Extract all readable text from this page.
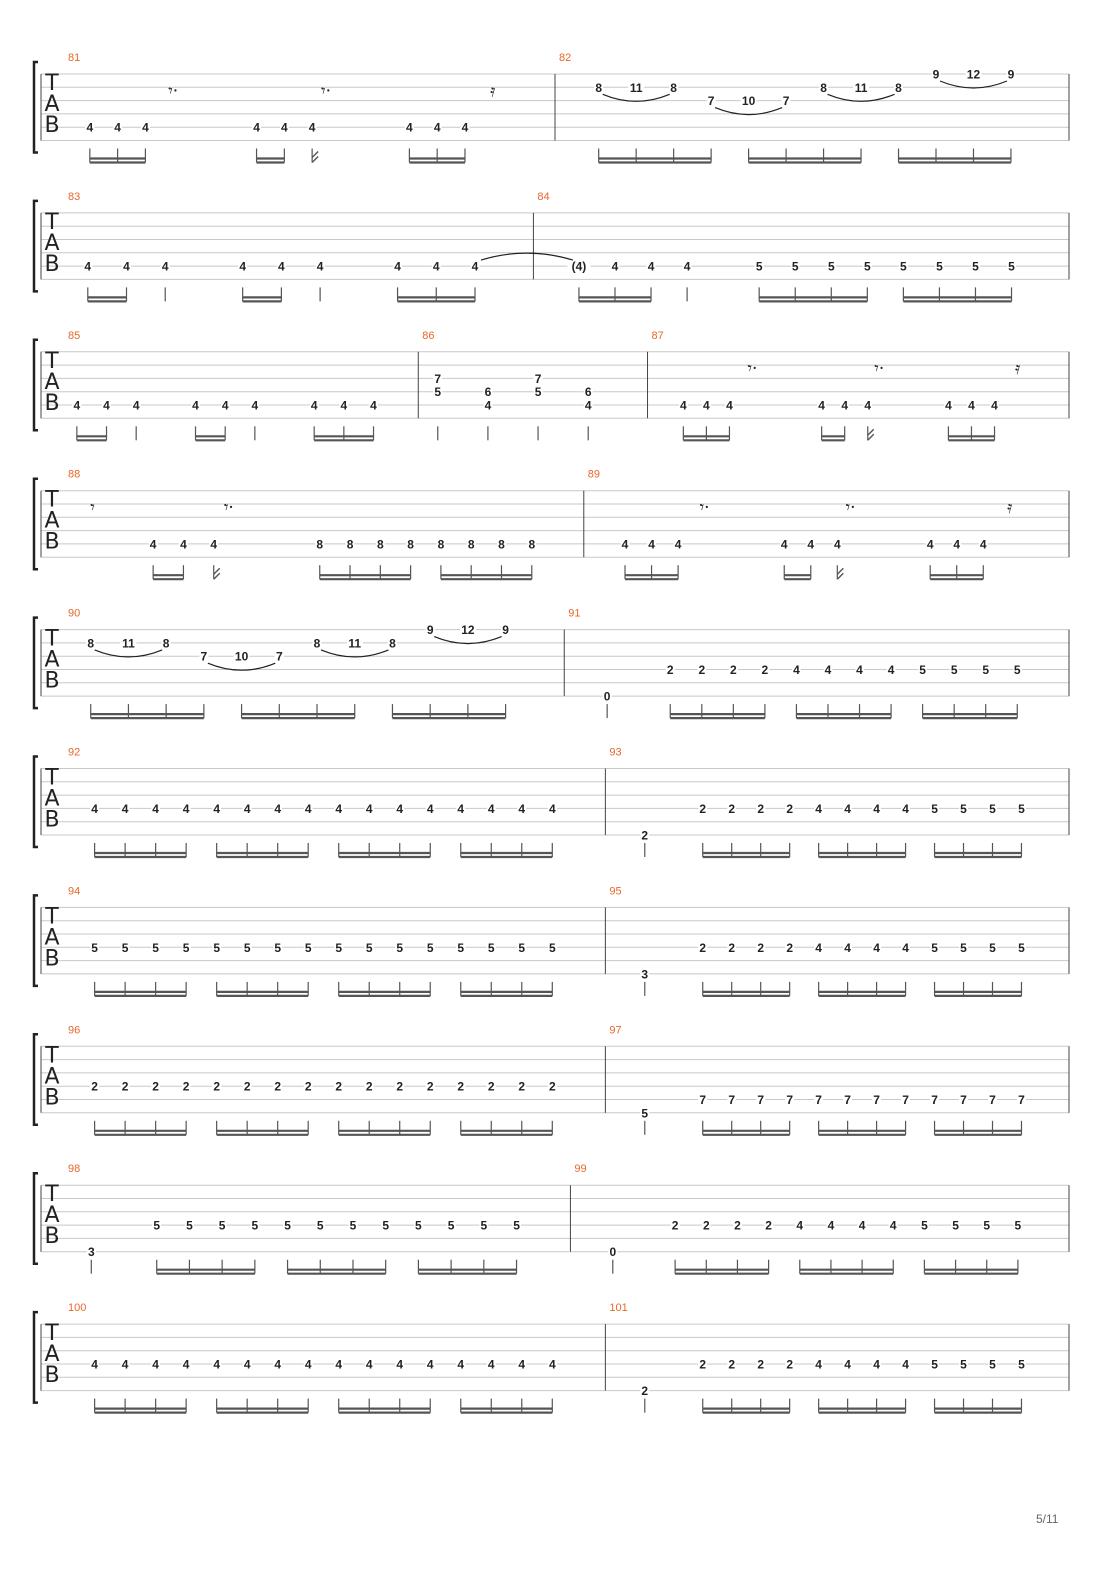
T
A
B
81
4 4 4
𝄾·
4 4 4
𝄾·
4 4 4
𝄿
82
8 11 8
7 10 7
8 11 8
9 12 9
T
A
B
83
4	4	4	4	4	4	4	4	4
84
(4) 4 4 4	5 5 5 5 5 5 5 5
T
A
B
85
4 4 4	4 4 4	4 4 4
86
7
5	6
4
7
5	6
4
87
4 4 4
𝄾·
4 4 4
𝄾·
4 4 4
𝄿
T
A
B
88
𝄾
4 4 4
𝄾·
8 8 8 8 8 8 8 8
89
4 4 4
𝄾·
4 4 4
𝄾·
4 4 4
𝄿
T
A
B
90
8 11 8
7 10 7
8 11 8
9 12 9
91
0
2 2 2 2 4 4 4 4 5 5 5 5
T
A
B
92
4 4 4 4 4 4 4 4 4 4 4 4 4 4 4 4
93
2
2 2 2 2 4 4 4 4 5 5 5 5
T
A
B
94
5 5 5 5 5 5 5 5 5 5 5 5 5 5 5 5
95
3
2 2 2 2 4 4 4 4 5 5 5 5
T
A
B
96
2 2 2 2 2 2 2 2 2 2 2 2 2 2 2 2
97
5
7 7 7 7 7 7 7 7 7 7 7 7
T
A
B
98
3
5 5 5 5 5 5 5 5 5 5 5 5
99
0
2 2 2 2 4 4 4 4 5 5 5 5
T
A
B
100
4 4 4 4 4 4 4 4 4 4 4 4 4 4 4 4
101
2
2 2 2 2 4 4 4 4 5 5 5 5
5/11
